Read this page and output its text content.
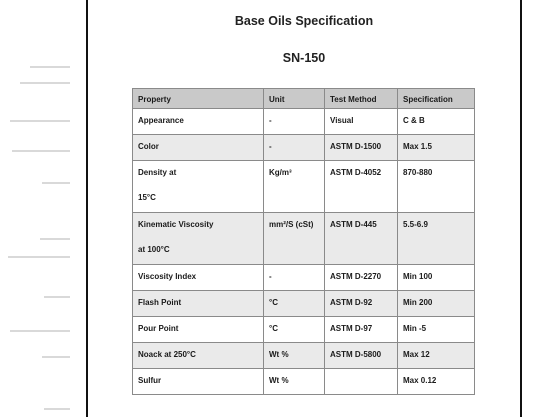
Base Oils Specification
SN-150
Property	Unit	Test Method	Specification
Appearance	-	Visual	C & B
Color	-	ASTM D-1500	Max 1.5
Density at
15°C	Kg/m³	ASTM D-4052	870-880
Kinematic Viscosity
at 100°C	mm²/S (cSt)	ASTM D-445	5.5-6.9
Viscosity Index	-	ASTM D-2270	Min 100
Flash Point	°C	ASTM D-92	Min 200
Pour Point	°C	ASTM D-97	Min -5
Noack at 250°C	Wt %	ASTM D-5800	Max 12
Sulfur	Wt %		Max 0.12
